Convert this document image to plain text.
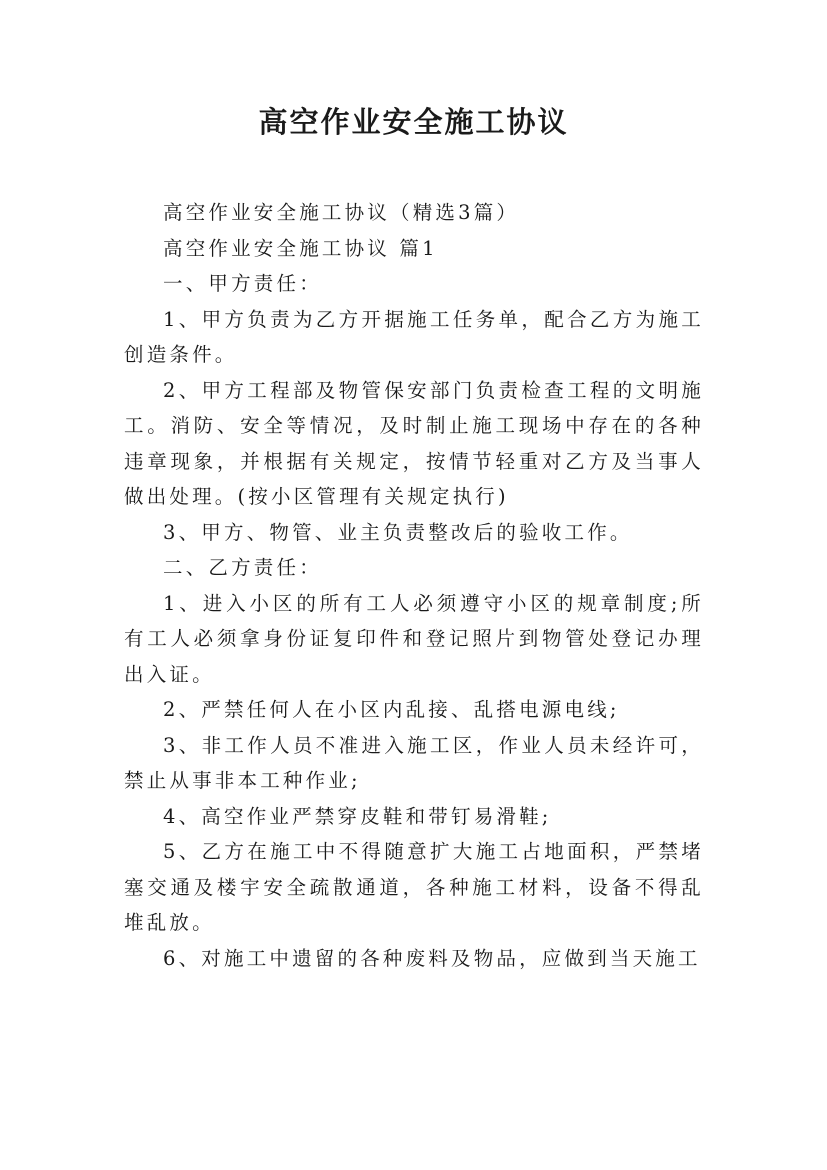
高空作业安全施工协议

高空作业安全施工协议（精选3篇）

高空作业安全施工协议 篇1

一、甲方责任：

1、甲方负责为乙方开据施工任务单，配合乙方为施工创造条件。

2、甲方工程部及物管保安部门负责检查工程的文明施工。消防、安全等情况，及时制止施工现场中存在的各种违章现象，并根据有关规定，按情节轻重对乙方及当事人做出处理。(按小区管理有关规定执行)

3、甲方、物管、业主负责整改后的验收工作。

二、乙方责任：

1、进入小区的所有工人必须遵守小区的规章制度;所有工人必须拿身份证复印件和登记照片到物管处登记办理出入证。

2、严禁任何人在小区内乱接、乱搭电源电线;

3、非工作人员不准进入施工区，作业人员未经许可，禁止从事非本工种作业;

4、高空作业严禁穿皮鞋和带钉易滑鞋;

5、乙方在施工中不得随意扩大施工占地面积，严禁堵塞交通及楼宇安全疏散通道，各种施工材料，设备不得乱堆乱放。

6、对施工中遗留的各种废料及物品，应做到当天施工
